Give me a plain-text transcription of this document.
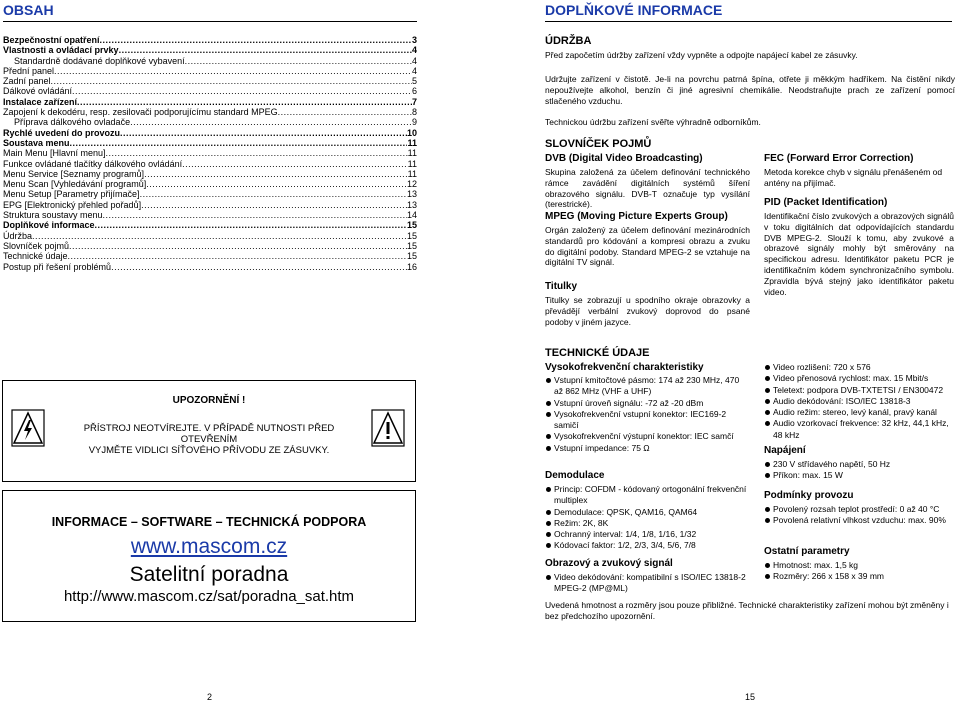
OBSAH
Bezpečnostní opatření .....	3
Vlastnosti a ovládací prvky .....	4
Standardně dodávané doplňkové vybavení .....	4
Přední panel .....	4
Zadní panel .....	5
Dálkové ovládání .....	6
Instalace zařízení .....	7
Zapojení k dekodéru, resp. zesilovači podporujícímu standard MPEG .....	8
Příprava dálkového ovladače .....	9
Rychlé uvedení do provozu .....	10
Soustava menu .....	11
Main Menu [Hlavní menu] .....	11
Funkce ovládané tlačítky dálkového ovládání .....	11
Menu Service [Seznamy programů] .....	11
Menu Scan [Vyhledávání programů] .....	12
Menu Setup [Parametry přijímače] .....	13
EPG [Elektronický přehled pořadů] .....	13
Struktura soustavy menu .....	14
Doplňkové informace .....	15
Údržba .....	15
Slovníček pojmů .....	15
Technické údaje .....	15
Postup při řešení problémů .....	16
UPOZORNĚNÍ !
PŘÍSTROJ NEOTVÍREJTE. V PŘÍPADĚ NUTNOSTI PŘED OTEVŘENÍM
VYJMĚTE VIDLICI SÍŤOVÉHO PŘÍVODU ZE ZÁSUVKY.
INFORMACE – SOFTWARE – TECHNICKÁ PODPORA
www.mascom.cz
Satelitní poradna
http://www.mascom.cz/sat/poradna_sat.htm
2
DOPLŇKOVÉ INFORMACE
ÚDRŽBA
Před započetím údržby zařízení vždy vypněte a odpojte napájecí kabel ze zásuvky.
Udržujte zařízení v čistotě. Je-li na povrchu patrná špína, otřete ji měkkým hadříkem. Na čistění nikdy nepoužívejte alkohol, benzín či jiné agresivní chemikálie. Neodstraňujte prach ze zařízení pomocí stlačeného vzduchu.
Technickou údržbu zařízení svěřte výhradně odborníkům.
SLOVNÍČEK POJMŮ
DVB (Digital Video Broadcasting)
Skupina založená za účelem definování technického rámce zavádění digitálních systémů šíření obrazového signálu. DVB-T označuje typ vysílání (terestrické).
MPEG (Moving Picture Experts Group)
Orgán založený za účelem definování mezinárodních standardů pro kódování a kompresi obrazu a zvuku do digitální podoby. Standard MPEG-2 se vztahuje na digitální TV signál.
Titulky
Titulky se zobrazují u spodního okraje obrazovky a převádějí verbální zvukový doprovod do psané podoby v jiném jazyce.
FEC (Forward Error Correction)
Metoda korekce chyb v signálu přenášeném od antény na přijímač.
PID (Packet Identification)
Identifikační číslo zvukových a obrazových signálů v toku digitálních dat odpovídajících standardu DVB MPEG-2. Slouží k tomu, aby zvukové a obrazové signály mohly být směrovány na specifickou adresu. Identifikátor paketu PCR je identifikačním kódem synchronizačního symbolu. Zpravidla bývá stejný jako identifikátor paketu video.
TECHNICKÉ ÚDAJE
Vysokofrekvenční charakteristiky
Vstupní kmitočtové pásmo: 174 až 230 MHz, 470 až 862 MHz (VHF a UHF)
Vstupní úroveň signálu: -72 až -20 dBm
Vysokofrekvenční vstupní konektor: IEC169-2 samičí
Vysokofrekvenční výstupní konektor: IEC samčí
Vstupní impedance: 75 Ω
Demodulace
Princip: COFDM - kódovaný ortogonální frekvenční multiplex
Demodulace: QPSK, QAM16, QAM64
Režim: 2K, 8K
Ochranný interval: 1/4, 1/8, 1/16, 1/32
Kódovací faktor: 1/2, 2/3, 3/4, 5/6, 7/8
Obrazový a zvukový signál
Video dekódování: kompatibilní s ISO/IEC 13818-2 MPEG-2 (MP@ML)
Video rozlišení: 720 x 576
Video přenosová rychlost: max. 15 Mbit/s
Teletext: podpora DVB-TXTETSI / EN300472
Audio dekódování: ISO/IEC 13818-3
Audio režim: stereo, levý kanál, pravý kanál
Audio vzorkovací frekvence: 32 kHz, 44,1 kHz, 48 kHz
Napájení
230 V střídavého napětí, 50 Hz
Příkon: max. 15 W
Podmínky provozu
Povolený rozsah teplot prostředí: 0 až 40 °C
Povolená relativní vlhkost vzduchu: max. 90%
Ostatní parametry
Hmotnost: max. 1,5 kg
Rozměry: 266 x 158 x 39 mm
Uvedená hmotnost a rozměry jsou pouze přibližné. Technické charakteristiky zařízení mohou být změněny i bez předchozího upozornění.
15
